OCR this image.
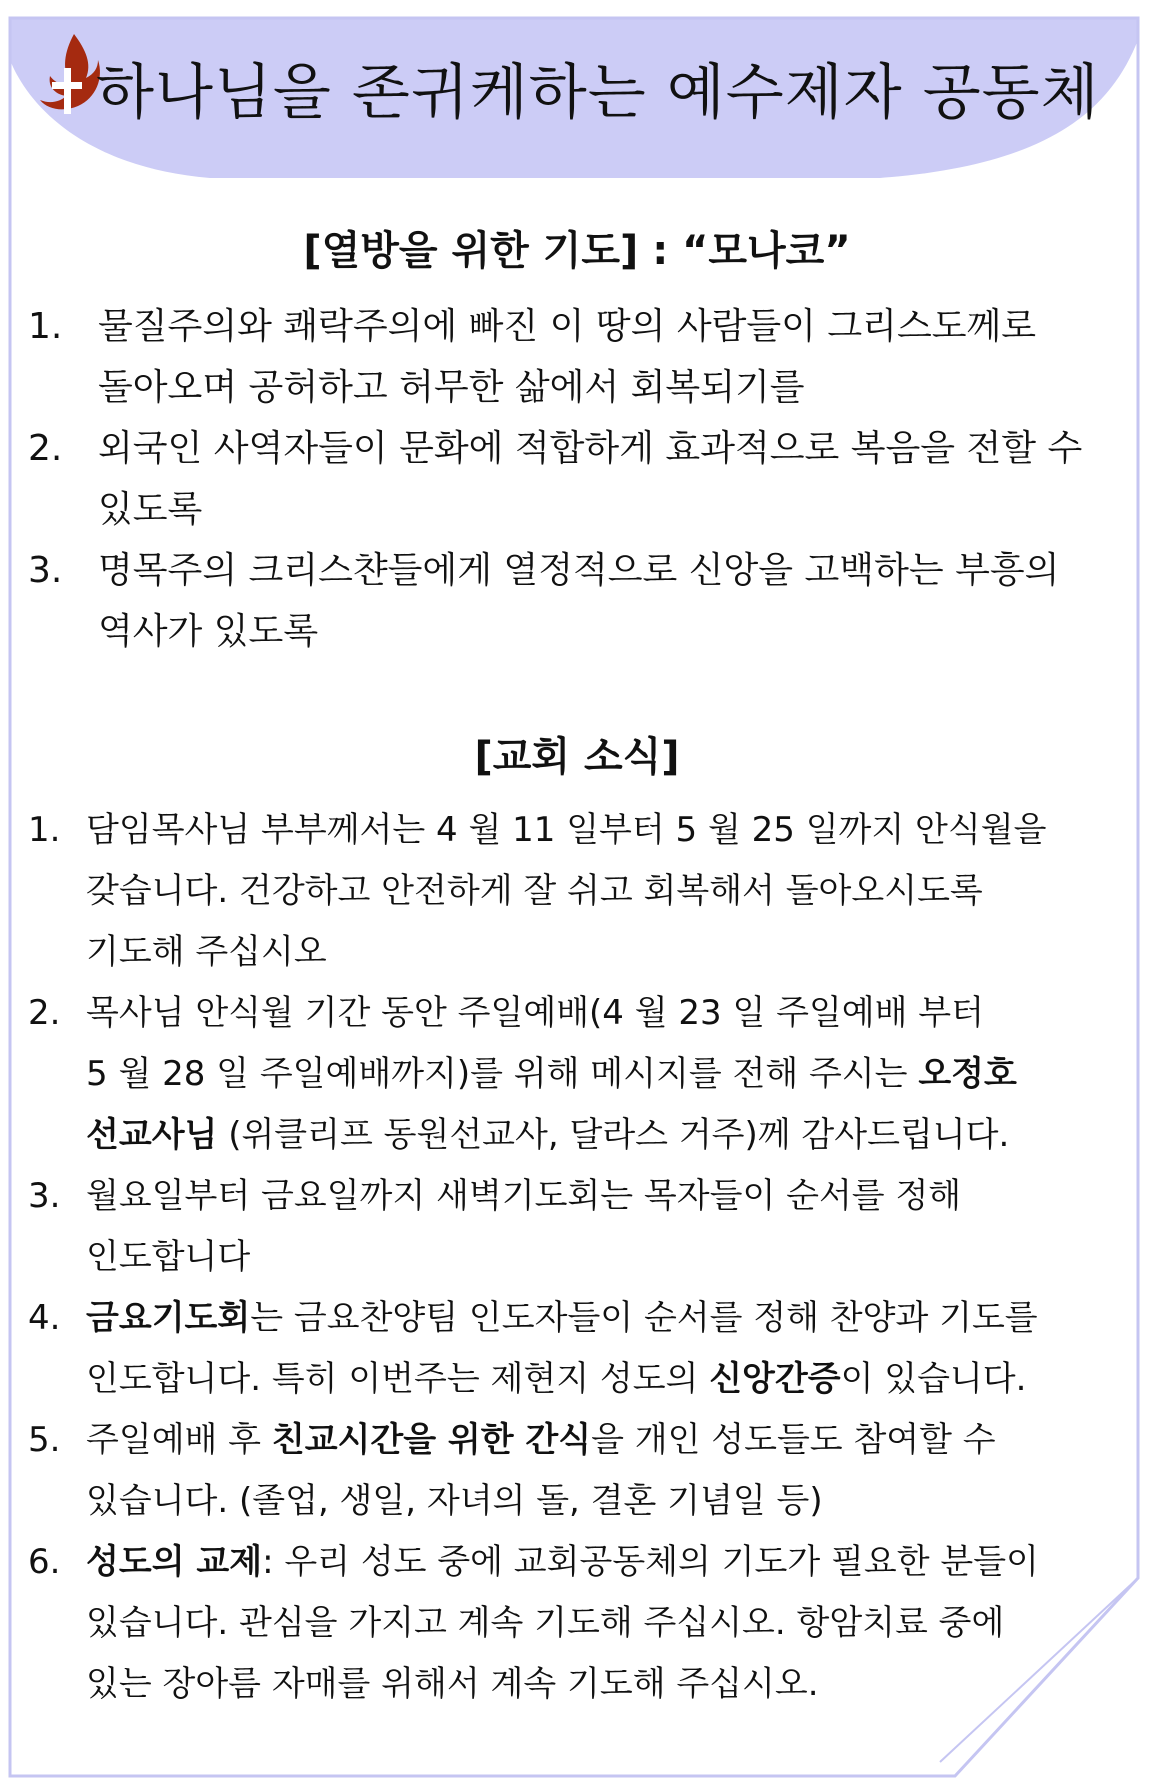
하나님을 존귀케하는 예수제자 공동체
[열방을 위한 기도] : “모나코”
1. 물질주의와 쾌락주의에 빠진 이 땅의 사람들이 그리스도께로
돌아오며 공허하고 허무한 삶에서 회복되기를
2. 외국인 사역자들이 문화에 적합하게 효과적으로 복음을 전할 수
있도록
3. 명목주의 크리스챤들에게 열정적으로 신앙을 고백하는 부흥의
역사가 있도록
[교회 소식]
1. 담임목사님 부부께서는 4 월 11 일부터 5 월 25 일까지 안식월을
갖습니다. 건강하고 안전하게 잘 쉬고 회복해서 돌아오시도록
기도해 주십시오
2. 목사님 안식월 기간 동안 주일예배(4 월 23 일 주일예배 부터
5 월 28 일 주일예배까지)를 위해 메시지를 전해 주시는 오정호
선교사님 (위클리프 동원선교사, 달라스 거주)께 감사드립니다.
3. 월요일부터 금요일까지 새벽기도회는 목자들이 순서를 정해
인도합니다
4. 금요기도회는 금요찬양팀 인도자들이 순서를 정해 찬양과 기도를
인도합니다. 특히 이번주는 제현지 성도의 신앙간증이 있습니다.
5. 주일예배 후 친교시간을 위한 간식을 개인 성도들도 참여할 수
있습니다. (졸업, 생일, 자녀의 돌, 결혼 기념일 등)
6. 성도의 교제: 우리 성도 중에 교회공동체의 기도가 필요한 분들이
있습니다. 관심을 가지고 계속 기도해 주십시오. 항암치료 중에
있는 장아름 자매를 위해서 계속 기도해 주십시오.
